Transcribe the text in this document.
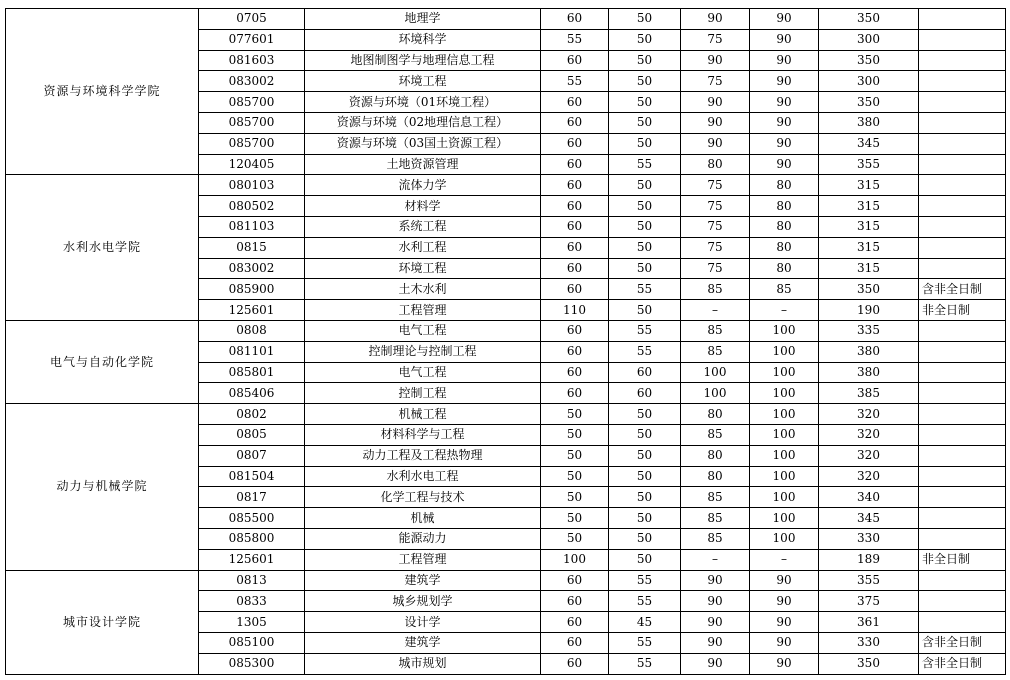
资源与环境科学学院	0705	地理学	60	50	90	90	350	
	077601	环境科学	55	50	75	90	300	
	081603	地图制图学与地理信息工程	60	50	90	90	350	
	083002	环境工程	55	50	75	90	300	
	085700	资源与环境（01环境工程）	60	50	90	90	350	
	085700	资源与环境（02地理信息工程）	60	50	90	90	380	
	085700	资源与环境（03国土资源工程）	60	50	90	90	345	
	120405	土地资源管理	60	55	80	90	355	
水利水电学院	080103	流体力学	60	50	75	80	315	
	080502	材料学	60	50	75	80	315	
	081103	系统工程	60	50	75	80	315	
	0815	水利工程	60	50	75	80	315	
	083002	环境工程	60	50	75	80	315	
	085900	土木水利	60	55	85	85	350	含非全日制
	125601	工程管理	110	50	–	–	190	非全日制
电气与自动化学院	0808	电气工程	60	55	85	100	335	
	081101	控制理论与控制工程	60	55	85	100	380	
	085801	电气工程	60	60	100	100	380	
	085406	控制工程	60	60	100	100	385	
动力与机械学院	0802	机械工程	50	50	80	100	320	
	0805	材料科学与工程	50	50	85	100	320	
	0807	动力工程及工程热物理	50	50	80	100	320	
	081504	水利水电工程	50	50	80	100	320	
	0817	化学工程与技术	50	50	85	100	340	
	085500	机械	50	50	85	100	345	
	085800	能源动力	50	50	85	100	330	
	125601	工程管理	100	50	–	–	189	非全日制
城市设计学院	0813	建筑学	60	55	90	90	355	
	0833	城乡规划学	60	55	90	90	375	
	1305	设计学	60	45	90	90	361	
	085100	建筑学	60	55	90	90	330	含非全日制
	085300	城市规划	60	55	90	90	350	含非全日制
